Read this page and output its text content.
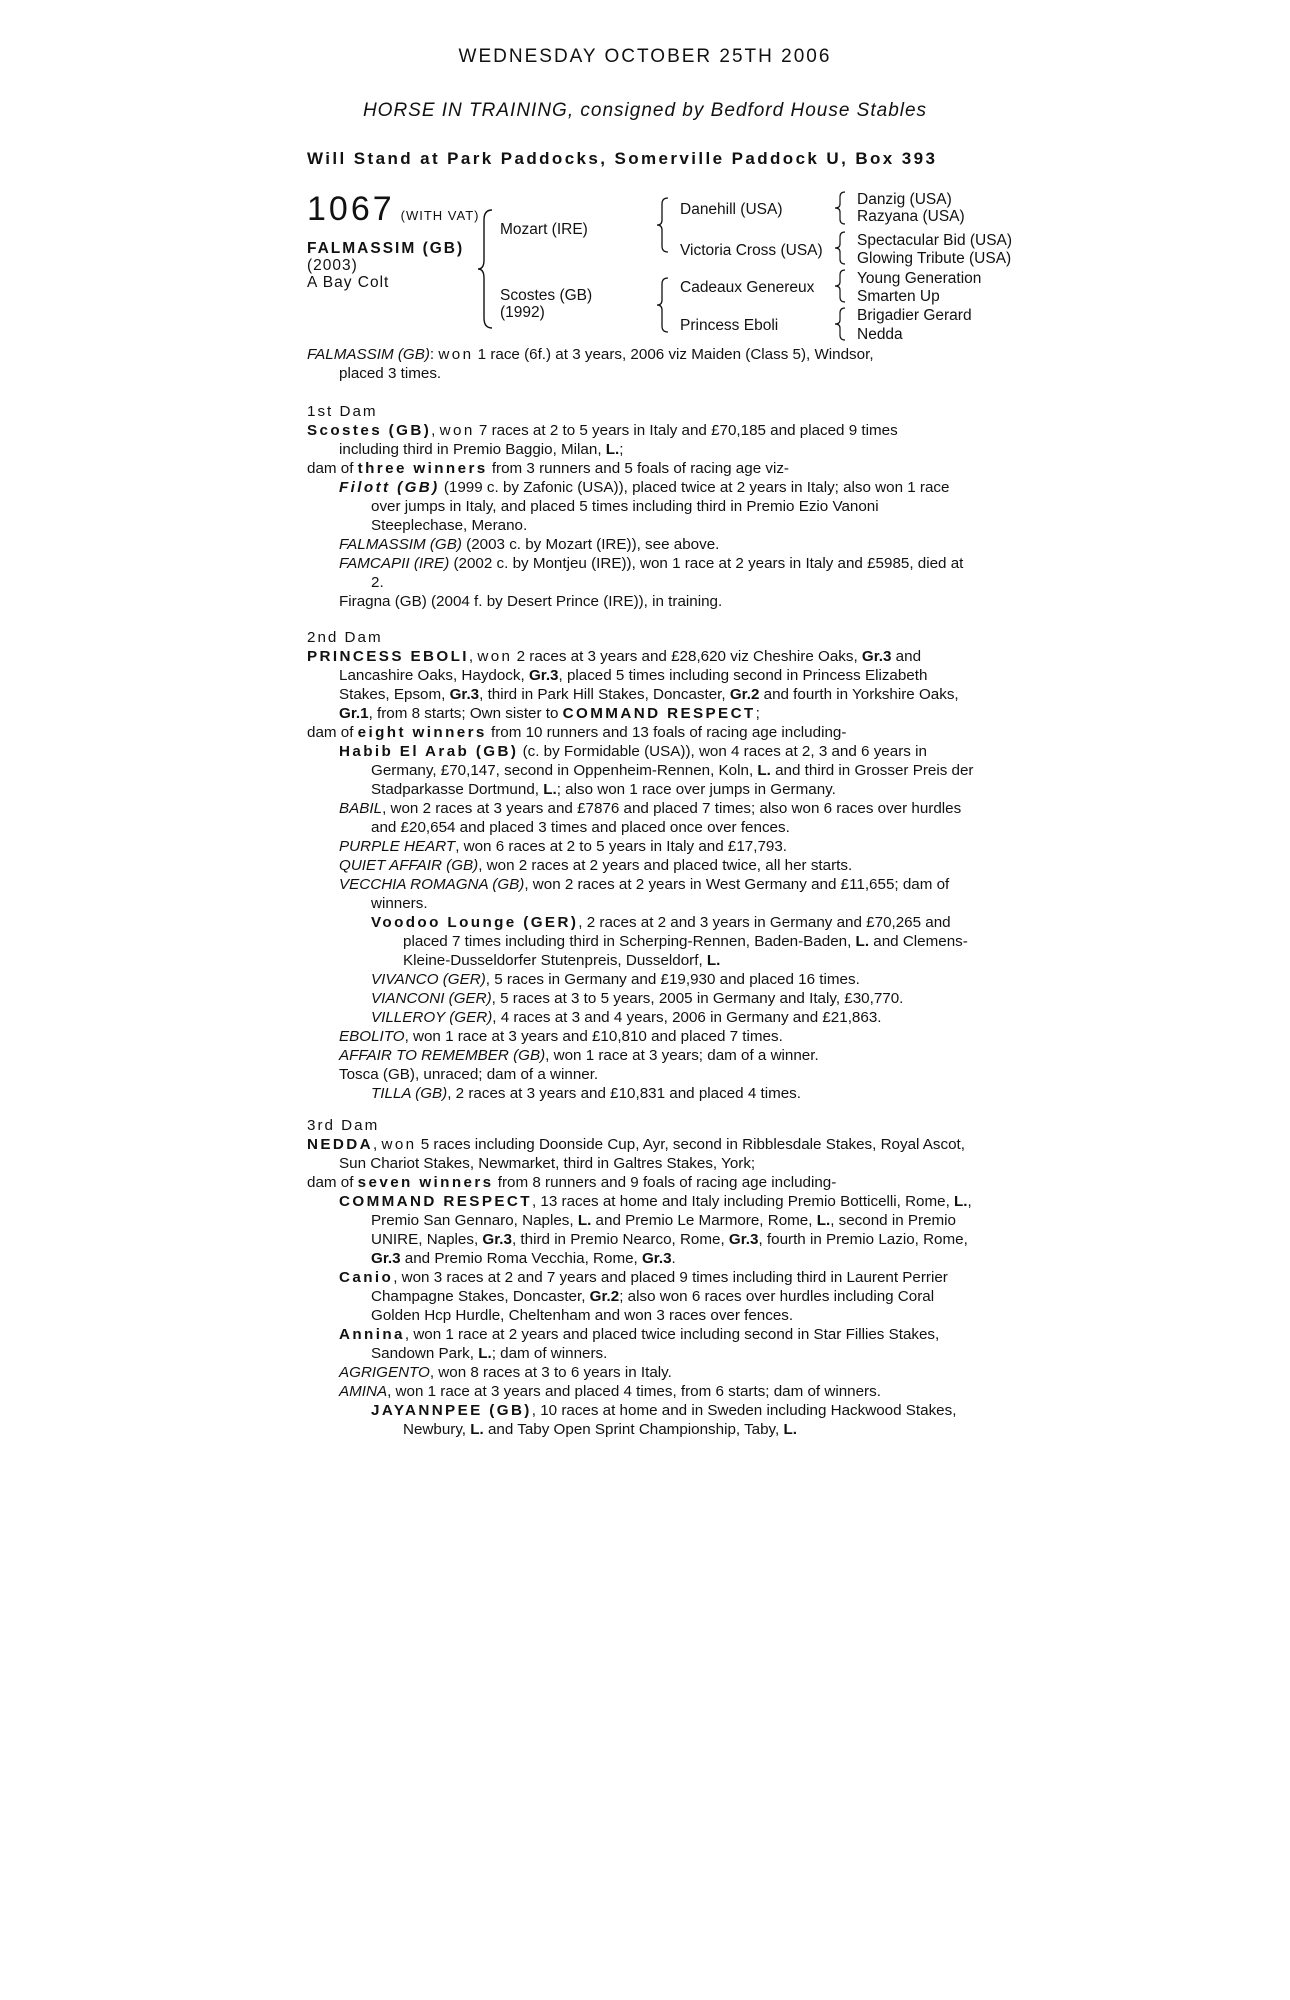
WEDNESDAY OCTOBER 25TH 2006
HORSE IN TRAINING, consigned by Bedford House Stables
Will Stand at Park Paddocks, Somerville Paddock U, Box 393
1067 (WITH VAT)
FALMASSIM (GB)
(2003)
A Bay Colt
Mozart (IRE)
Scostes (GB)
(1992)
Danehill (USA)
Victoria Cross (USA)
Cadeaux Genereux
Princess Eboli
Danzig (USA)
Razyana (USA)
Spectacular Bid (USA)
Glowing Tribute (USA)
Young Generation
Smarten Up
Brigadier Gerard
Nedda

FALMASSIM (GB): won 1 race (6f.) at 3 years, 2006 viz Maiden (Class 5), Windsor,

placed 3 times.

1st Dam

Scostes (GB), won 7 races at 2 to 5 years in Italy and £70,185 and placed 9 times

including third in Premio Baggio, Milan, L.;

dam of three winners from 3 runners and 5 foals of racing age viz-

Filott (GB) (1999 c. by Zafonic (USA)), placed twice at 2 years in Italy; also won 1 race over jumps in Italy, and placed 5 times including third in Premio Ezio Vanoni Steeplechase, Merano.

FALMASSIM (GB) (2003 c. by Mozart (IRE)), see above.

FAMCAPII (IRE) (2002 c. by Montjeu (IRE)), won 1 race at 2 years in Italy and £5985, died at 2.

Firagna (GB) (2004 f. by Desert Prince (IRE)), in training.

2nd Dam

PRINCESS EBOLI, won 2 races at 3 years and £28,620 viz Cheshire Oaks, Gr.3 and Lancashire Oaks, Haydock, Gr.3, placed 5 times including second in Princess Elizabeth Stakes, Epsom, Gr.3, third in Park Hill Stakes, Doncaster, Gr.2 and fourth in Yorkshire Oaks, Gr.1, from 8 starts; Own sister to COMMAND RESPECT;

dam of eight winners from 10 runners and 13 foals of racing age including-

Habib El Arab (GB) (c. by Formidable (USA)), won 4 races at 2, 3 and 6 years in Germany, £70,147, second in Oppenheim-Rennen, Koln, L. and third in Grosser Preis der Stadparkasse Dortmund, L.; also won 1 race over jumps in Germany.

BABIL, won 2 races at 3 years and £7876 and placed 7 times; also won 6 races over hurdles and £20,654 and placed 3 times and placed once over fences.

PURPLE HEART, won 6 races at 2 to 5 years in Italy and £17,793.

QUIET AFFAIR (GB), won 2 races at 2 years and placed twice, all her starts.

VECCHIA ROMAGNA (GB), won 2 races at 2 years in West Germany and £11,655; dam of winners.

Voodoo Lounge (GER), 2 races at 2 and 3 years in Germany and £70,265 and placed 7 times including third in Scherping-Rennen, Baden-Baden, L. and Clemens-Kleine-Dusseldorfer Stutenpreis, Dusseldorf, L.

VIVANCO (GER), 5 races in Germany and £19,930 and placed 16 times.

VIANCONI (GER), 5 races at 3 to 5 years, 2005 in Germany and Italy, £30,770.

VILLEROY (GER), 4 races at 3 and 4 years, 2006 in Germany and £21,863.

EBOLITO, won 1 race at 3 years and £10,810 and placed 7 times.

AFFAIR TO REMEMBER (GB), won 1 race at 3 years; dam of a winner.

Tosca (GB), unraced; dam of a winner.

TILLA (GB), 2 races at 3 years and £10,831 and placed 4 times.

3rd Dam

NEDDA, won 5 races including Doonside Cup, Ayr, second in Ribblesdale Stakes, Royal Ascot, Sun Chariot Stakes, Newmarket, third in Galtres Stakes, York;

dam of seven winners from 8 runners and 9 foals of racing age including-

COMMAND RESPECT, 13 races at home and Italy including Premio Botticelli, Rome, L., Premio San Gennaro, Naples, L. and Premio Le Marmore, Rome, L., second in Premio UNIRE, Naples, Gr.3, third in Premio Nearco, Rome, Gr.3, fourth in Premio Lazio, Rome, Gr.3 and Premio Roma Vecchia, Rome, Gr.3.

Canio, won 3 races at 2 and 7 years and placed 9 times including third in Laurent Perrier Champagne Stakes, Doncaster, Gr.2; also won 6 races over hurdles including Coral Golden Hcp Hurdle, Cheltenham and won 3 races over fences.

Annina, won 1 race at 2 years and placed twice including second in Star Fillies Stakes, Sandown Park, L.; dam of winners.

AGRIGENTO, won 8 races at 3 to 6 years in Italy.

AMINA, won 1 race at 3 years and placed 4 times, from 6 starts; dam of winners.

JAYANNPEE (GB), 10 races at home and in Sweden including Hackwood Stakes, Newbury, L. and Taby Open Sprint Championship, Taby, L.
